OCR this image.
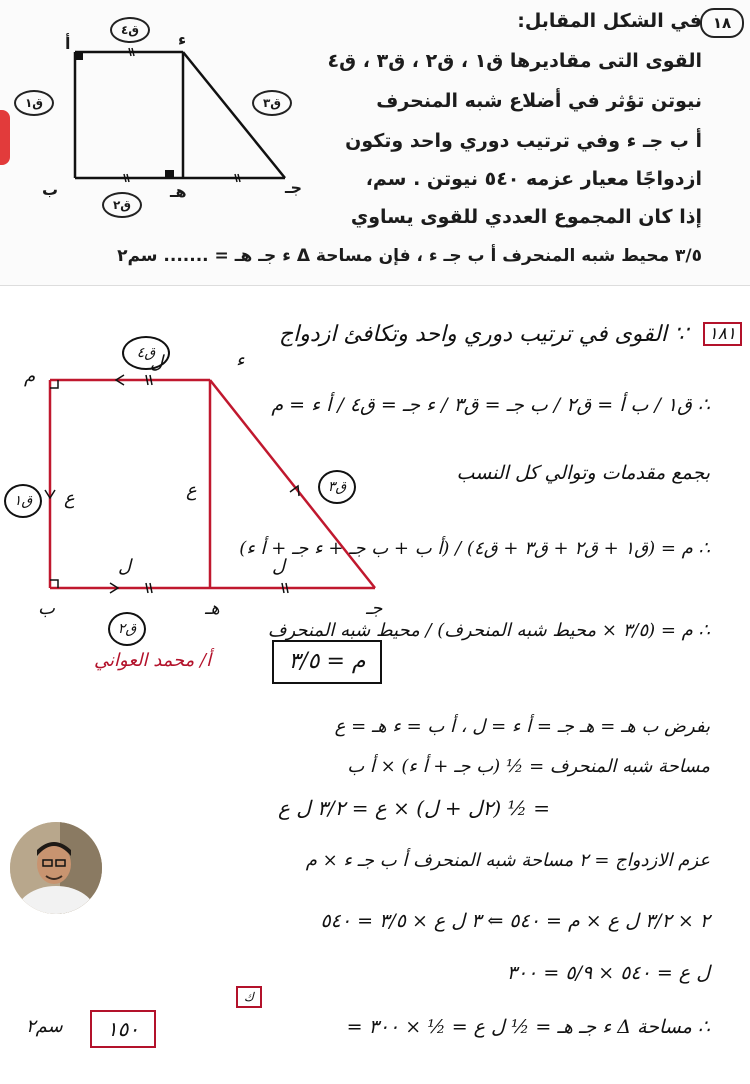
١٨
في الشكل المقابل:
القوى التى مقاديرها ق١ ، ق٢ ، ق٣ ، ق٤
نيوتن تؤثر في أضلاع شبه المنحرف
أ ب جـ ء وفي ترتيب دوري واحد وتكون
ازدواجًا معيار عزمه ٥٤٠ نيوتن . سم،
إذا كان المجموع العددي للقوى يساوي
٣/٥ محيط شبه المنحرف أ ب جـ ء ، فإن مساحة Δ ء جـ هـ = ....... سم٢
أ	ء
ب	هـ	جـ
ق٤
ق١	ق٣
ق٢
١٨١
∵ القوى في ترتيب دوري واحد وتكافئ ازدواج
م
ء
ب	هـ	جـ
ل
ل	ل
ع	ع
ق٤
ق١
ق٣
ق٢
∴ ق١ / ب أ = ق٢ / ب جـ = ق٣ / ء جـ = ق٤ / أ ء = م
بجمع مقدمات وتوالي كل النسب
∴ م = (ق١ + ق٢ + ق٣ + ق٤) / (أ ب + ب جـ + ء جـ + أ ء)
∴ م = (٣/٥ × محيط شبه المنحرف) / محيط شبه المنحرف
م = ٣/٥
أ/ محمد العواني
بفرض ب هـ = هـ جـ = أ ء = ل ، أ ب = ء هـ = ع
مساحة شبه المنحرف = ½ (ب جـ + أ ء) × أ ب
= ½ (٢ل + ل) × ع = ٣/٢ ل ع
عزم الازدواج = ٢ مساحة شبه المنحرف أ ب جـ ء × م
٢ × ٣/٢ ل ع × م = ٥٤٠ ⇐ ٣ ل ع × ٣/٥ = ٥٤٠
ل ع = ٥٤٠ × ٥/٩ = ٣٠٠
ك
∴ مساحة Δ ء جـ هـ = ½ ل ع = ½ × ٣٠٠ =
١٥٠
سم٢
